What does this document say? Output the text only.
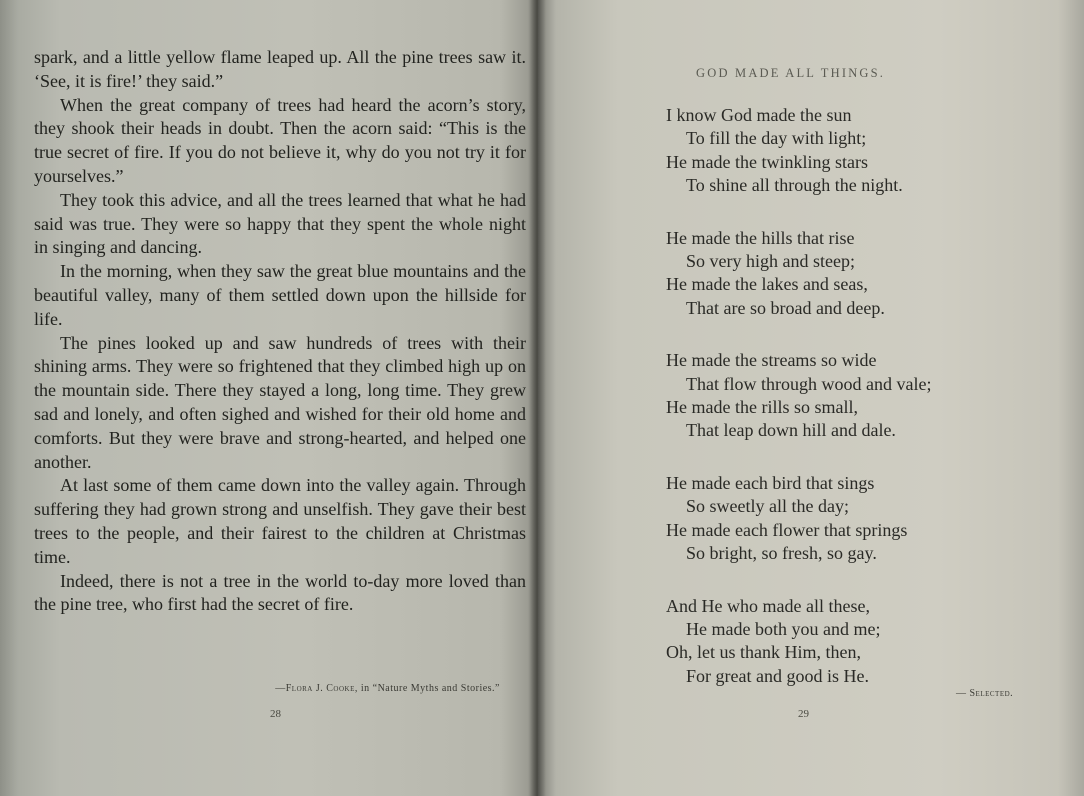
spark, and a little yellow flame leaped up. All the pine trees saw it. ‘See, it is fire!’ they said.”

When the great company of trees had heard the acorn’s story, they shook their heads in doubt. Then the acorn said: “This is the true secret of fire. If you do not believe it, why do you not try it for yourselves.”

They took this advice, and all the trees learned that what he had said was true. They were so happy that they spent the whole night in singing and dancing.

In the morning, when they saw the great blue mountains and the beautiful valley, many of them settled down upon the hillside for life.

The pines looked up and saw hundreds of trees with their shining arms. They were so frightened that they climbed high up on the mountain side. There they stayed a long, long time. They grew sad and lonely, and often sighed and wished for their old home and comforts. But they were brave and strong-hearted, and helped one another.

At last some of them came down into the valley again. Through suffering they had grown strong and unselfish. They gave their best trees to the people, and their fairest to the children at Christmas time.

Indeed, there is not a tree in the world to-day more loved than the pine tree, who first had the secret of fire.

—Flora J. Cooke, in “Nature Myths and Stories.”
28
GOD MADE ALL THINGS.
I know God made the sun
To fill the day with light;
He made the twinkling stars
To shine all through the night.
He made the hills that rise
So very high and steep;
He made the lakes and seas,
That are so broad and deep.
He made the streams so wide
That flow through wood and vale;
He made the rills so small,
That leap down hill and dale.
He made each bird that sings
So sweetly all the day;
He made each flower that springs
So bright, so fresh, so gay.
And He who made all these,
He made both you and me;
Oh, let us thank Him, then,
For great and good is He.
— Selected.
29
